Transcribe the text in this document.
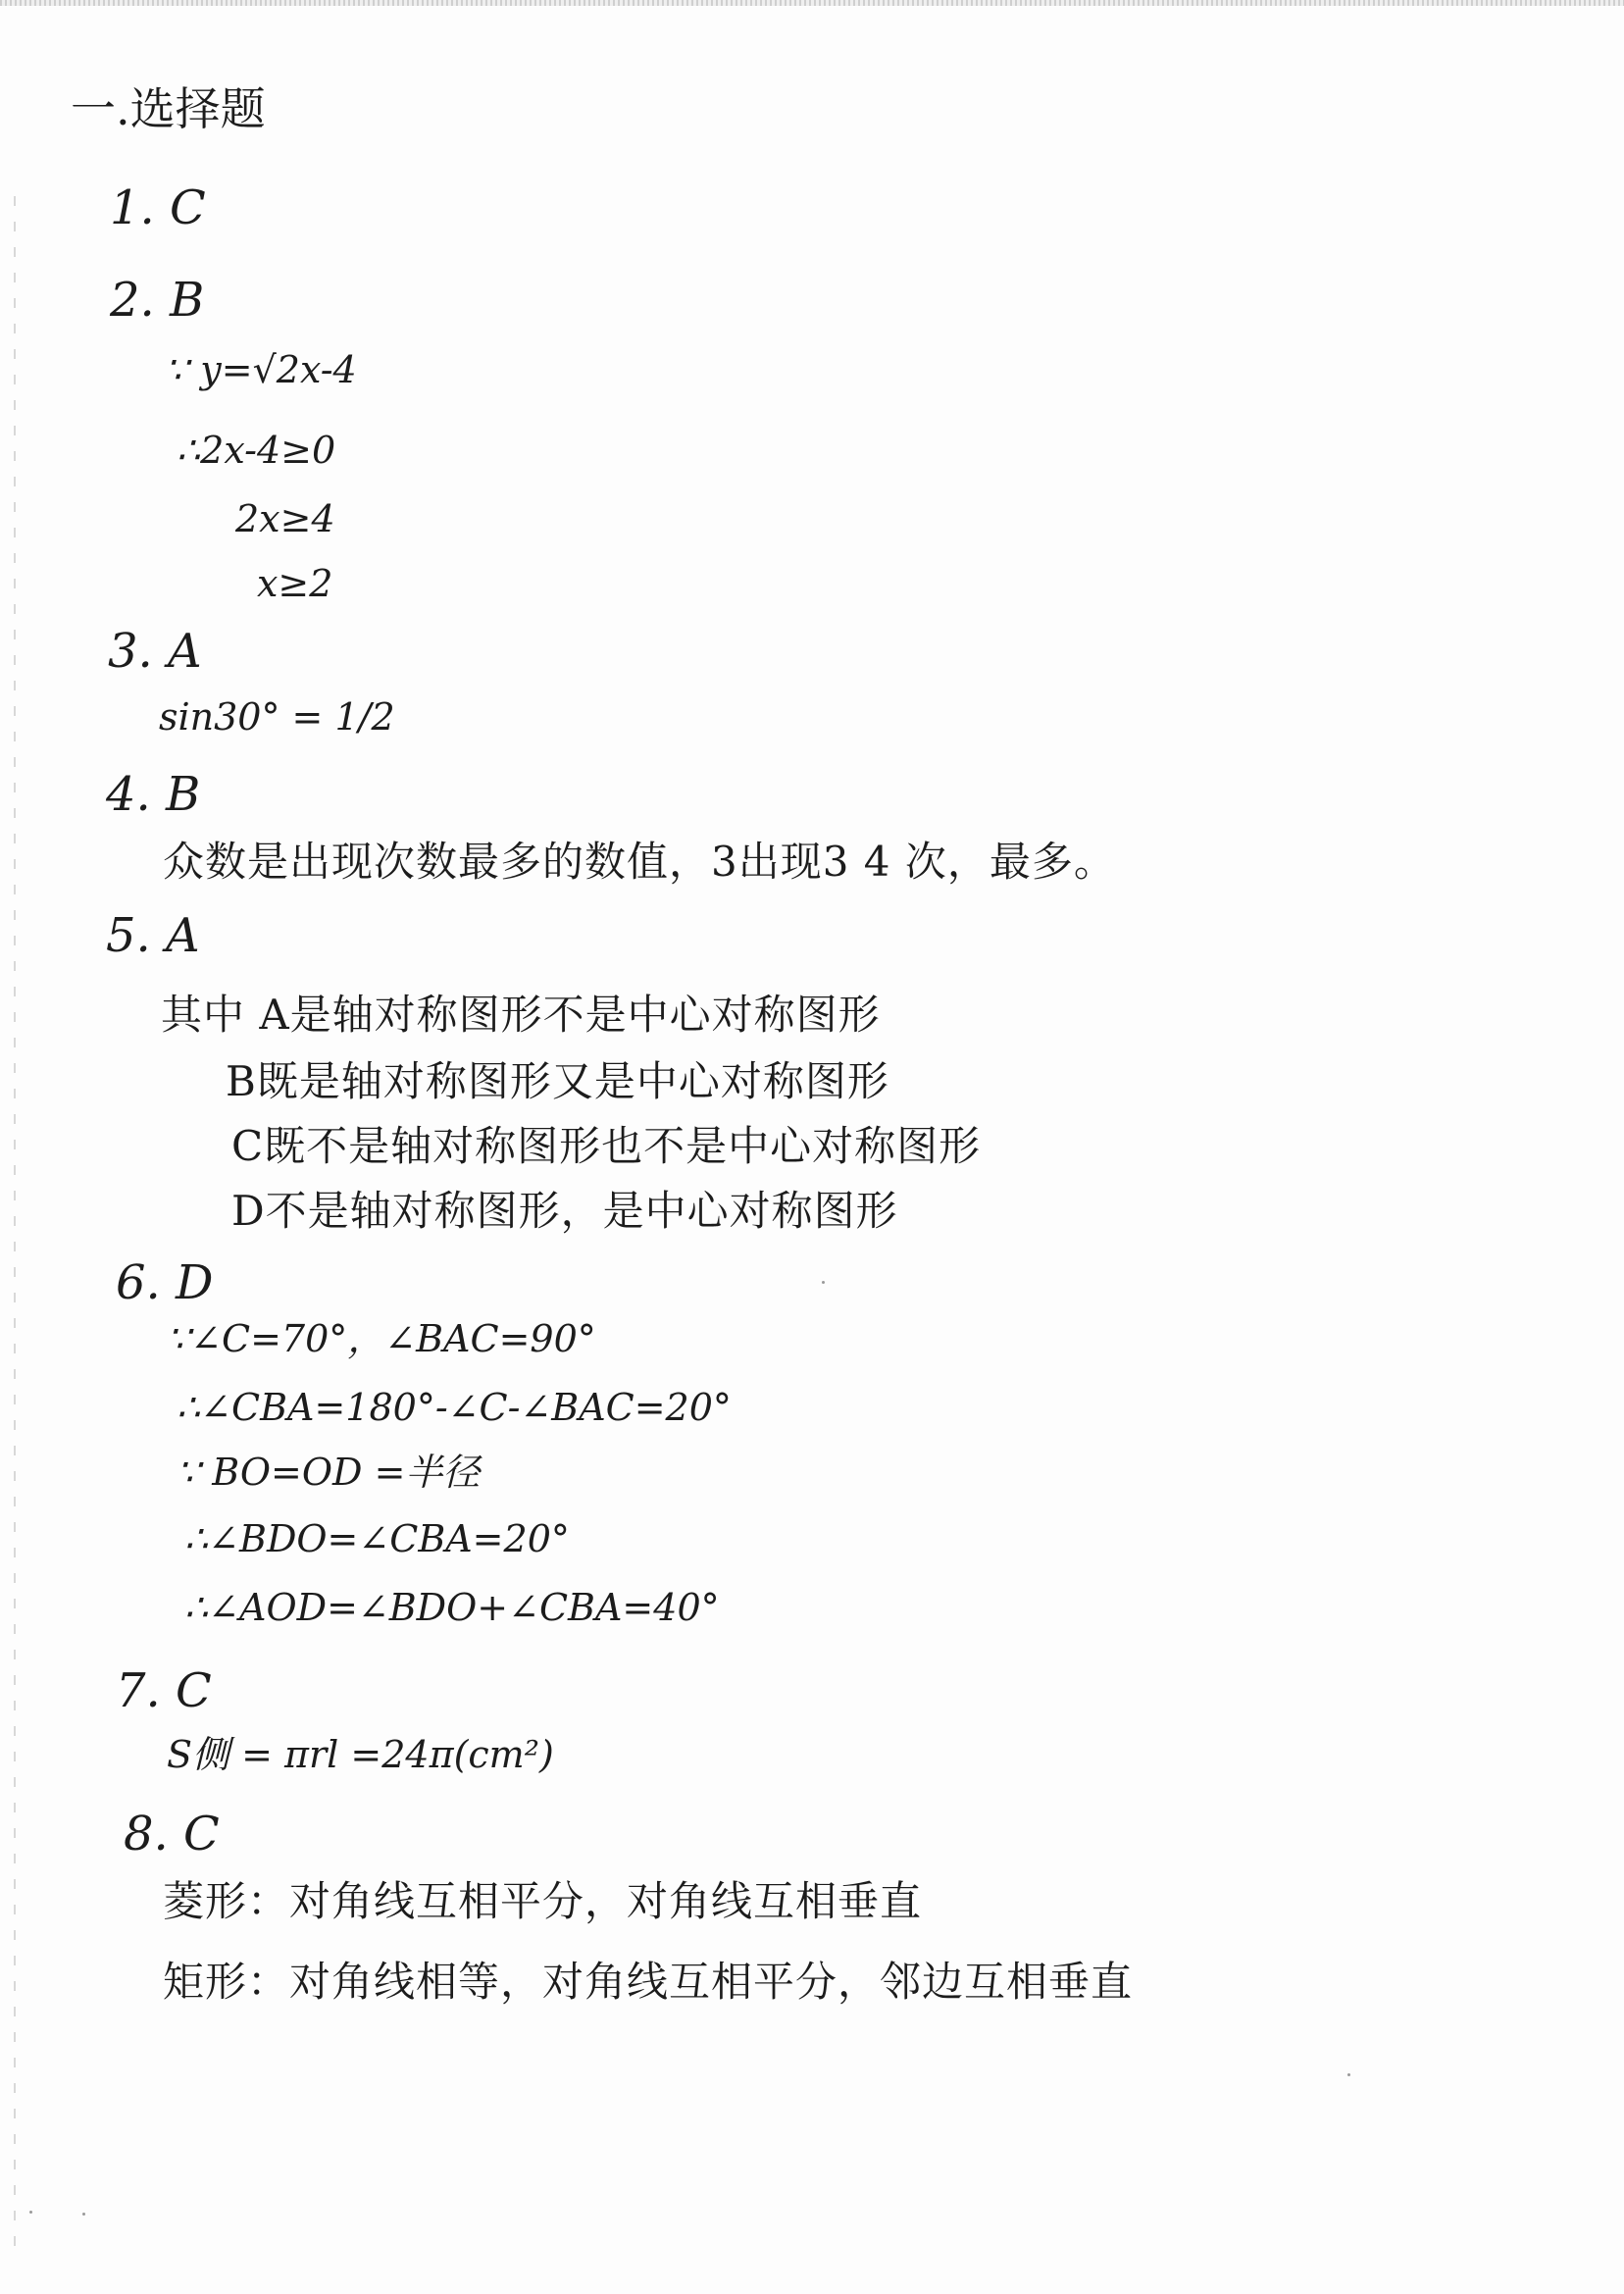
一.选择题
1. C
2. B
∵ y=√2x-4
∴2x-4≥0
2x≥4
x≥2
3. A
sin30° = 1/2
4. B
众数是出现次数最多的数值，3出现3 4 次，最多。
5. A
其中 A是轴对称图形不是中心对称图形
B既是轴对称图形又是中心对称图形
C既不是轴对称图形也不是中心对称图形
D不是轴对称图形，是中心对称图形
6. D
∵∠C=70°，∠BAC=90°
∴∠CBA=180°-∠C-∠BAC=20°
∵ BO=OD =半径
∴∠BDO=∠CBA=20°
∴∠AOD=∠BDO+∠CBA=40°
7. C
S侧 = πrl =24π(cm²)
8. C
菱形：对角线互相平分，对角线互相垂直
矩形：对角线相等，对角线互相平分，邻边互相垂直
